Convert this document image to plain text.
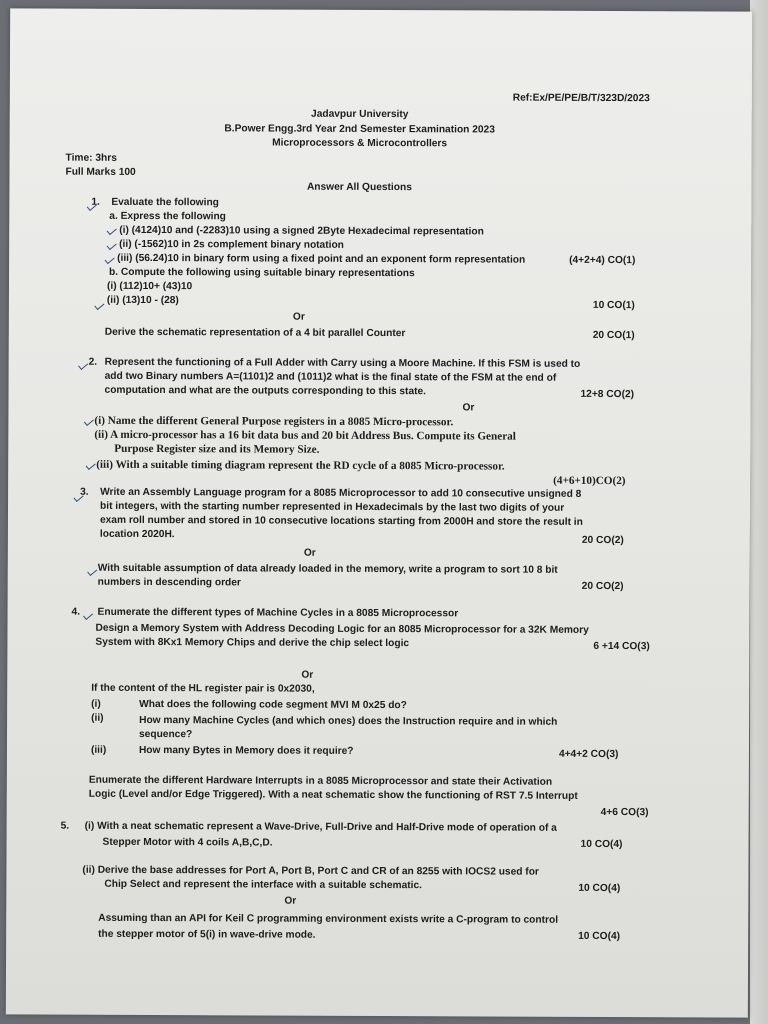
Ref:Ex/PE/PE/B/T/323D/2023
Jadavpur University
B.Power Engg.3rd Year 2nd Semester Examination 2023
Microprocessors & Microcontrollers
Time: 3hrs
Full Marks 100
Answer All Questions
1. Evaluate the following
a. Express the following
(i) (4124)10 and (-2283)10 using a signed 2Byte Hexadecimal representation
(ii) (-1562)10 in 2s complement binary notation
(iii) (56.24)10 in binary form using a fixed point and an exponent form representation	(4+2+4) CO(1)
b. Compute the following using suitable binary representations
(i) (112)10+ (43)10
(ii) (13)10 - (28)	10 CO(1)
Or
Derive the schematic representation of a 4 bit parallel Counter	20 CO(1)
2. Represent the functioning of a Full Adder with Carry using a Moore Machine. If this FSM is used to
add two Binary numbers A=(1101)2 and (1011)2 what is the final state of the FSM at the end of
computation and what are the outputs corresponding to this state.	12+8 CO(2)
Or
(i) Name the different General Purpose registers in a 8085 Micro-processor.
(ii) A micro-processor has a 16 bit data bus and 20 bit Address Bus. Compute its General
Purpose Register size and its Memory Size.
(iii) With a suitable timing diagram represent the RD cycle of a 8085 Micro-processor.
(4+6+10)CO(2)
3. Write an Assembly Language program for a 8085 Microprocessor to add 10 consecutive unsigned 8
bit integers, with the starting number represented in Hexadecimals by the last two digits of your
exam roll number and stored in 10 consecutive locations starting from 2000H and store the result in
location 2020H.
20 CO(2)
Or
With suitable assumption of data already loaded in the memory, write a program to sort 10 8 bit
numbers in descending order	20 CO(2)
4. Enumerate the different types of Machine Cycles in a 8085 Microprocessor
Design a Memory System with Address Decoding Logic for an 8085 Microprocessor for a 32K Memory
System with 8Kx1 Memory Chips and derive the chip select logic	6 +14 CO(3)
Or
If the content of the HL register pair is 0x2030,
(i)	What does the following code segment MVI M 0x25 do?
(ii)	How many Machine Cycles (and which ones) does the Instruction require and in which
sequence?
(iii)	How many Bytes in Memory does it require?	4+4+2 CO(3)
Enumerate the different Hardware Interrupts in a 8085 Microprocessor and state their Activation
Logic (Level and/or Edge Triggered). With a neat schematic show the functioning of RST 7.5 Interrupt
4+6 CO(3)
5. (i) With a neat schematic represent a Wave-Drive, Full-Drive and Half-Drive mode of operation of a
Stepper Motor with 4 coils A,B,C,D.	10 CO(4)
(ii) Derive the base addresses for Port A, Port B, Port C and CR of an 8255 with IOCS2 used for
Chip Select and represent the interface with a suitable schematic.	10 CO(4)
Or
Assuming than an API for Keil C programming environment exists write a C-program to control
the stepper motor of 5(i) in wave-drive mode.	10 CO(4)
